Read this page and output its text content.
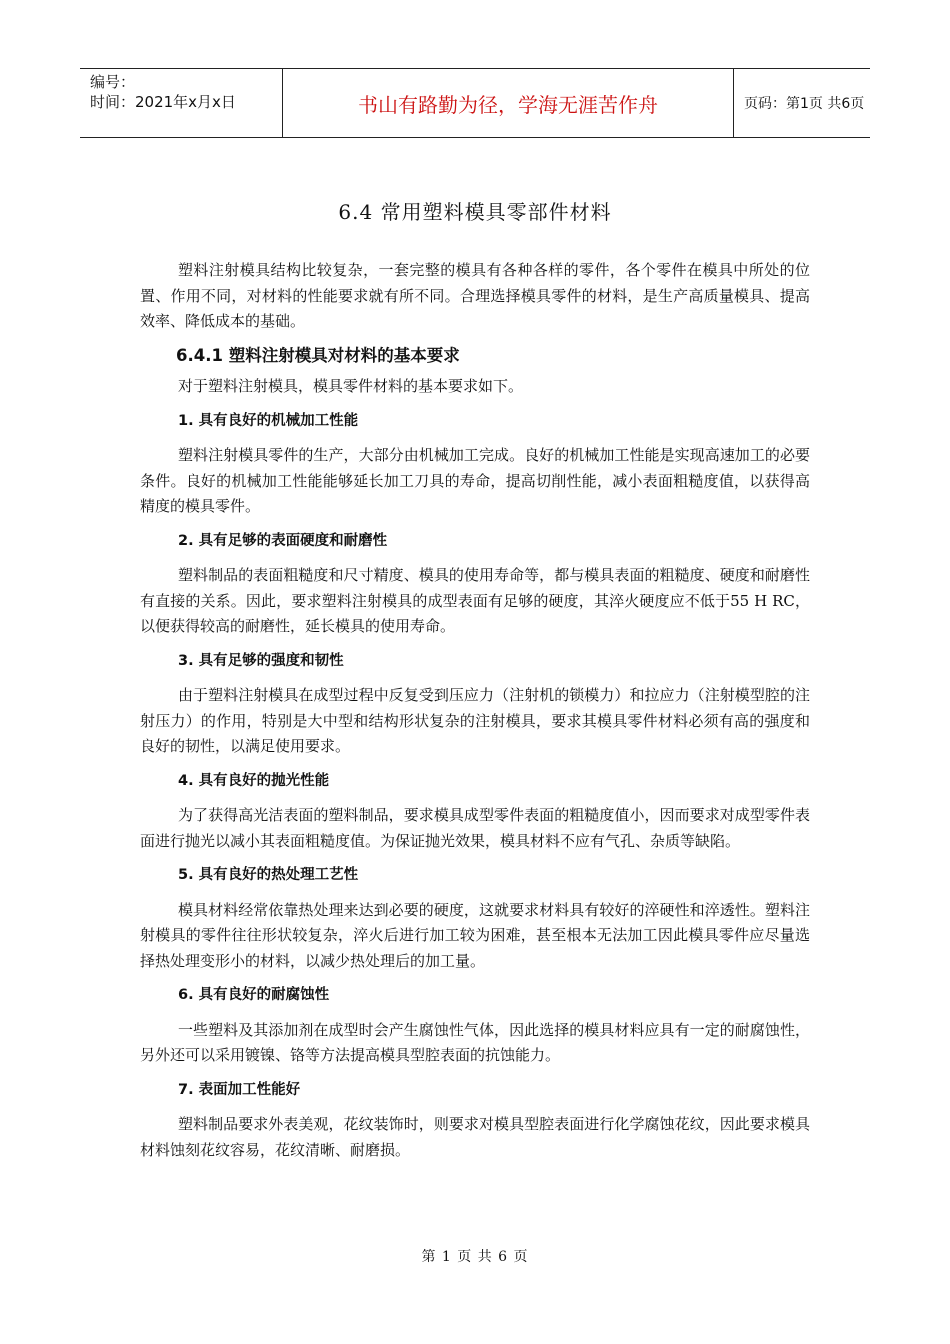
编号：
时间：2021年x月x日	书山有路勤为径，学海无涯苦作舟	页码：第1页 共6页
6.4 常用塑料模具零部件材料

塑料注射模具结构比较复杂，一套完整的模具有各种各样的零件，各个零件在模具中所处的位置、作用不同，对材料的性能要求就有所不同。合理选择模具零件的材料，是生产高质量模具、提高效率、降低成本的基础。

6.4.1 塑料注射模具对材料的基本要求

对于塑料注射模具，模具零件材料的基本要求如下。

1. 具有良好的机械加工性能

塑料注射模具零件的生产，大部分由机械加工完成。良好的机械加工性能是实现高速加工的必要条件。良好的机械加工性能能够延长加工刀具的寿命，提高切削性能，减小表面粗糙度值，以获得高精度的模具零件。

2. 具有足够的表面硬度和耐磨性

塑料制品的表面粗糙度和尺寸精度、模具的使用寿命等，都与模具表面的粗糙度、硬度和耐磨性有直接的关系。因此，要求塑料注射模具的成型表面有足够的硬度，其淬火硬度应不低于55 H RC，以便获得较高的耐磨性，延长模具的使用寿命。

3. 具有足够的强度和韧性

由于塑料注射模具在成型过程中反复受到压应力（注射机的锁模力）和拉应力（注射模型腔的注射压力）的作用，特别是大中型和结构形状复杂的注射模具，要求其模具零件材料必须有高的强度和良好的韧性，以满足使用要求。

4. 具有良好的抛光性能

为了获得高光洁表面的塑料制品，要求模具成型零件表面的粗糙度值小，因而要求对成型零件表面进行抛光以减小其表面粗糙度值。为保证抛光效果，模具材料不应有气孔、杂质等缺陷。

5. 具有良好的热处理工艺性

模具材料经常依靠热处理来达到必要的硬度，这就要求材料具有较好的淬硬性和淬透性。塑料注射模具的零件往往形状较复杂，淬火后进行加工较为困难，甚至根本无法加工因此模具零件应尽量选择热处理变形小的材料，以减少热处理后的加工量。

6. 具有良好的耐腐蚀性

一些塑料及其添加剂在成型时会产生腐蚀性气体，因此选择的模具材料应具有一定的耐腐蚀性，另外还可以采用镀镍、铬等方法提高模具型腔表面的抗蚀能力。

7. 表面加工性能好

塑料制品要求外表美观，花纹装饰时，则要求对模具型腔表面进行化学腐蚀花纹，因此要求模具材料蚀刻花纹容易，花纹清晰、耐磨损。

第 1 页 共 6 页
